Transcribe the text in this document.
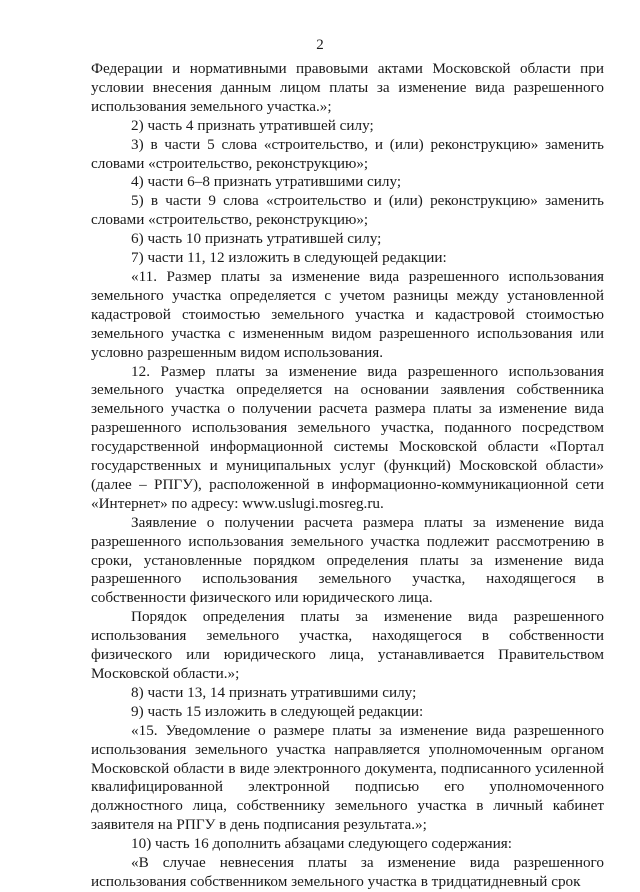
2

Федерации и нормативными правовыми актами Московской области при условии внесения данным лицом платы за изменение вида разрешенного использования земельного участка.»;

2) часть 4 признать утратившей силу;

3) в части 5 слова «строительство, и (или) реконструкцию» заменить словами «строительство, реконструкцию»;

4) части 6–8 признать утратившими силу;

5) в части 9 слова «строительство и (или) реконструкцию» заменить словами «строительство, реконструкцию»;

6) часть 10 признать утратившей силу;

7) части 11, 12 изложить в следующей редакции:

«11. Размер платы за изменение вида разрешенного использования земельного участка определяется с учетом разницы между установленной кадастровой стоимостью земельного участка и кадастровой стоимостью земельного участка с измененным видом разрешенного использования или условно разрешенным видом использования.

12. Размер платы за изменение вида разрешенного использования земельного участка определяется на основании заявления собственника земельного участка о получении расчета размера платы за изменение вида разрешенного использования земельного участка, поданного посредством государственной информационной системы Московской области «Портал государственных и муниципальных услуг (функций) Московской области» (далее – РПГУ), расположенной в информационно-коммуникационной сети «Интернет» по адресу: www.uslugi.mosreg.ru.

Заявление о получении расчета размера платы за изменение вида разрешенного использования земельного участка подлежит рассмотрению в сроки, установленные порядком определения платы за изменение вида разрешенного использования земельного участка, находящегося в собственности физического или юридического лица.

Порядок определения платы за изменение вида разрешенного использования земельного участка, находящегося в собственности физического или юридического лица, устанавливается Правительством Московской области.»;

8) части 13, 14 признать утратившими силу;

9) часть 15 изложить в следующей редакции:

«15. Уведомление о размере платы за изменение вида разрешенного использования земельного участка направляется уполномоченным органом Московской области в виде электронного документа, подписанного усиленной квалифицированной электронной подписью его уполномоченного должностного лица, собственнику земельного участка в личный кабинет заявителя на РПГУ в день подписания результата.»;

10) часть 16 дополнить абзацами следующего содержания:

«В случае невнесения платы за изменение вида разрешенного использования собственником земельного участка в тридцатидневный срок
